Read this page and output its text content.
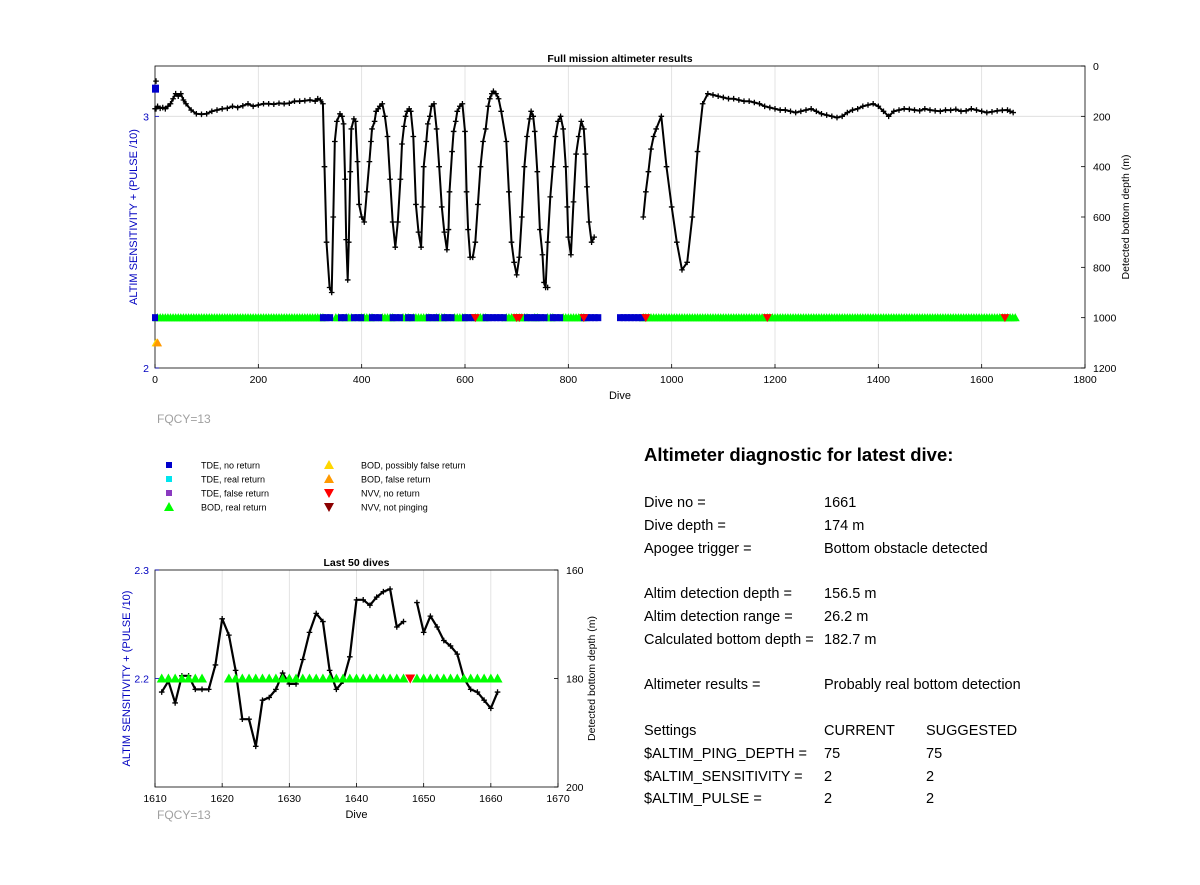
0	200	400	600	800	1000	1200	1400	1600	1800
2
3
0
200
400
600
800
1000
1200
Full mission altimeter results
Dive
ALTIM SENSITIVITY + (PULSE /10)	Detected bottom depth (m)
FQCY=13
1610	1620	1630	1640	1650	1660	1670
2.2
2.3	160
180
200
Last 50 dives
Dive
ALTIM SENSITIVITY + (PULSE /10)	Detected bottom depth (m)
FQCY=13
TDE, no return
TDE, real return
TDE, false return
BOD, real return
BOD, possibly false return
BOD, false return
NVV, no return
NVV, not pinging
Altimeter diagnostic for latest dive:
Dive no =	1661
Dive depth =	174 m
Apogee trigger =	Bottom obstacle detected
Altim detection depth = 156.5 m
Altim detection range = 26.2 m
Calculated bottom depth = 182.7 m
Altimeter results =	Probably real bottom detection
Settings	CURRENT SUGGESTED
$ALTIM_PING_DEPTH = 75	75
$ALTIM_SENSITIVITY = 2	2
$ALTIM_PULSE =	2	2
